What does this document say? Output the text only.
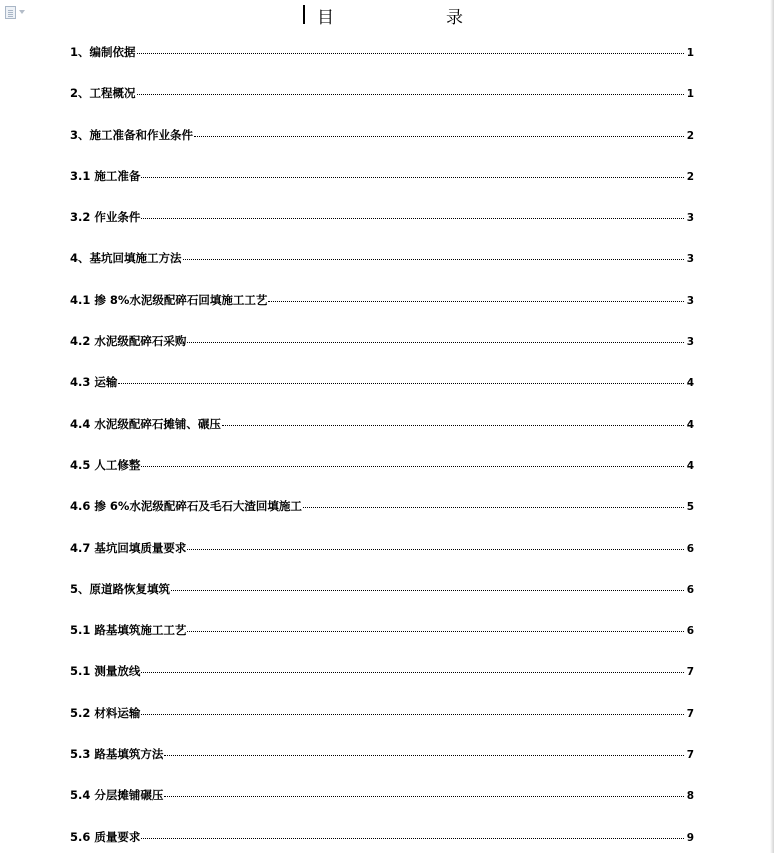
目	录
1、编制依据	1
2、工程概况	1
3、施工准备和作业条件	2
3.1 施工准备	2
3.2 作业条件	3
4、基坑回填施工方法	3
4.1 掺 8%水泥级配碎石回填施工工艺	3
4.2 水泥级配碎石采购	3
4.3 运输	4
4.4 水泥级配碎石摊铺、碾压	4
4.5 人工修整	4
4.6 掺 6%水泥级配碎石及毛石大渣回填施工	5
4.7 基坑回填质量要求	6
5、原道路恢复填筑	6
5.1 路基填筑施工工艺	6
5.1 测量放线	7
5.2 材料运输	7
5.3 路基填筑方法	7
5.4 分层摊铺碾压	8
5.6 质量要求	9
